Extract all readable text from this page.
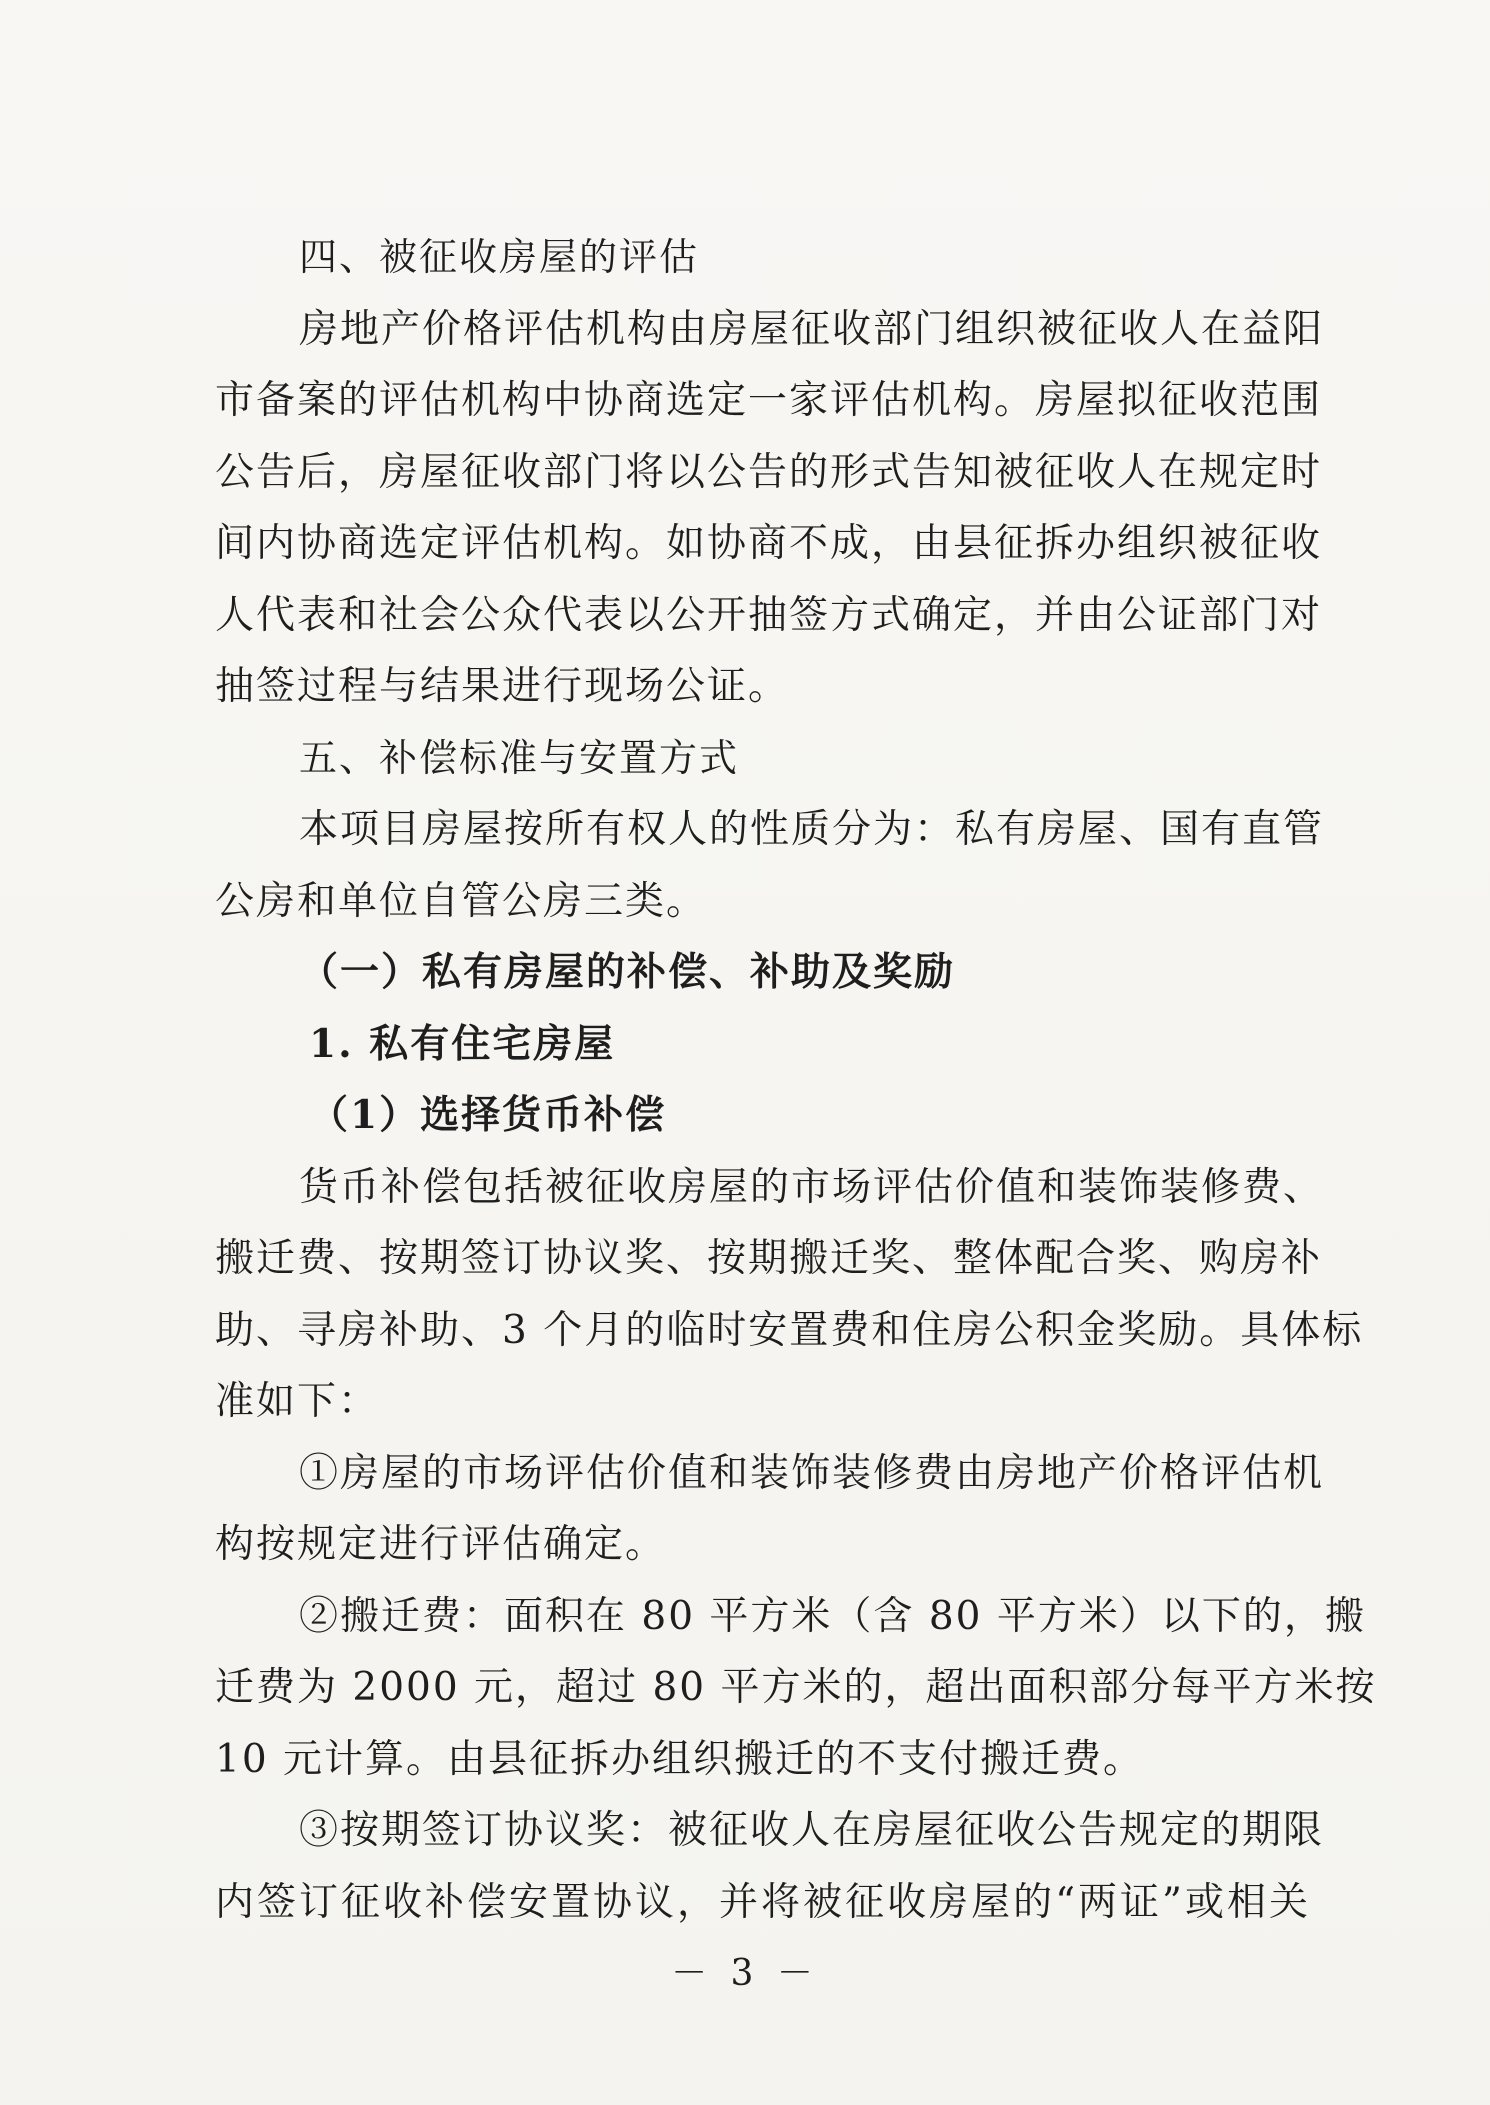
四、被征收房屋的评估
房地产价格评估机构由房屋征收部门组织被征收人在益阳
市备案的评估机构中协商选定一家评估机构。房屋拟征收范围
公告后，房屋征收部门将以公告的形式告知被征收人在规定时
间内协商选定评估机构。如协商不成，由县征拆办组织被征收
人代表和社会公众代表以公开抽签方式确定，并由公证部门对
抽签过程与结果进行现场公证。
五、补偿标准与安置方式
本项目房屋按所有权人的性质分为：私有房屋、国有直管
公房和单位自管公房三类。
（一）私有房屋的补偿、补助及奖励
1. 私有住宅房屋
（1）选择货币补偿
货币补偿包括被征收房屋的市场评估价值和装饰装修费、
搬迁费、按期签订协议奖、按期搬迁奖、整体配合奖、购房补
助、寻房补助、3 个月的临时安置费和住房公积金奖励。具体标
准如下：
①房屋的市场评估价值和装饰装修费由房地产价格评估机
构按规定进行评估确定。
②搬迁费：面积在 80 平方米（含 80 平方米）以下的，搬
迁费为 2000 元，超过 80 平方米的，超出面积部分每平方米按
10 元计算。由县征拆办组织搬迁的不支付搬迁费。
③按期签订协议奖：被征收人在房屋征收公告规定的期限
内签订征收补偿安置协议，并将被征收房屋的“两证”或相关
－ 3 －
